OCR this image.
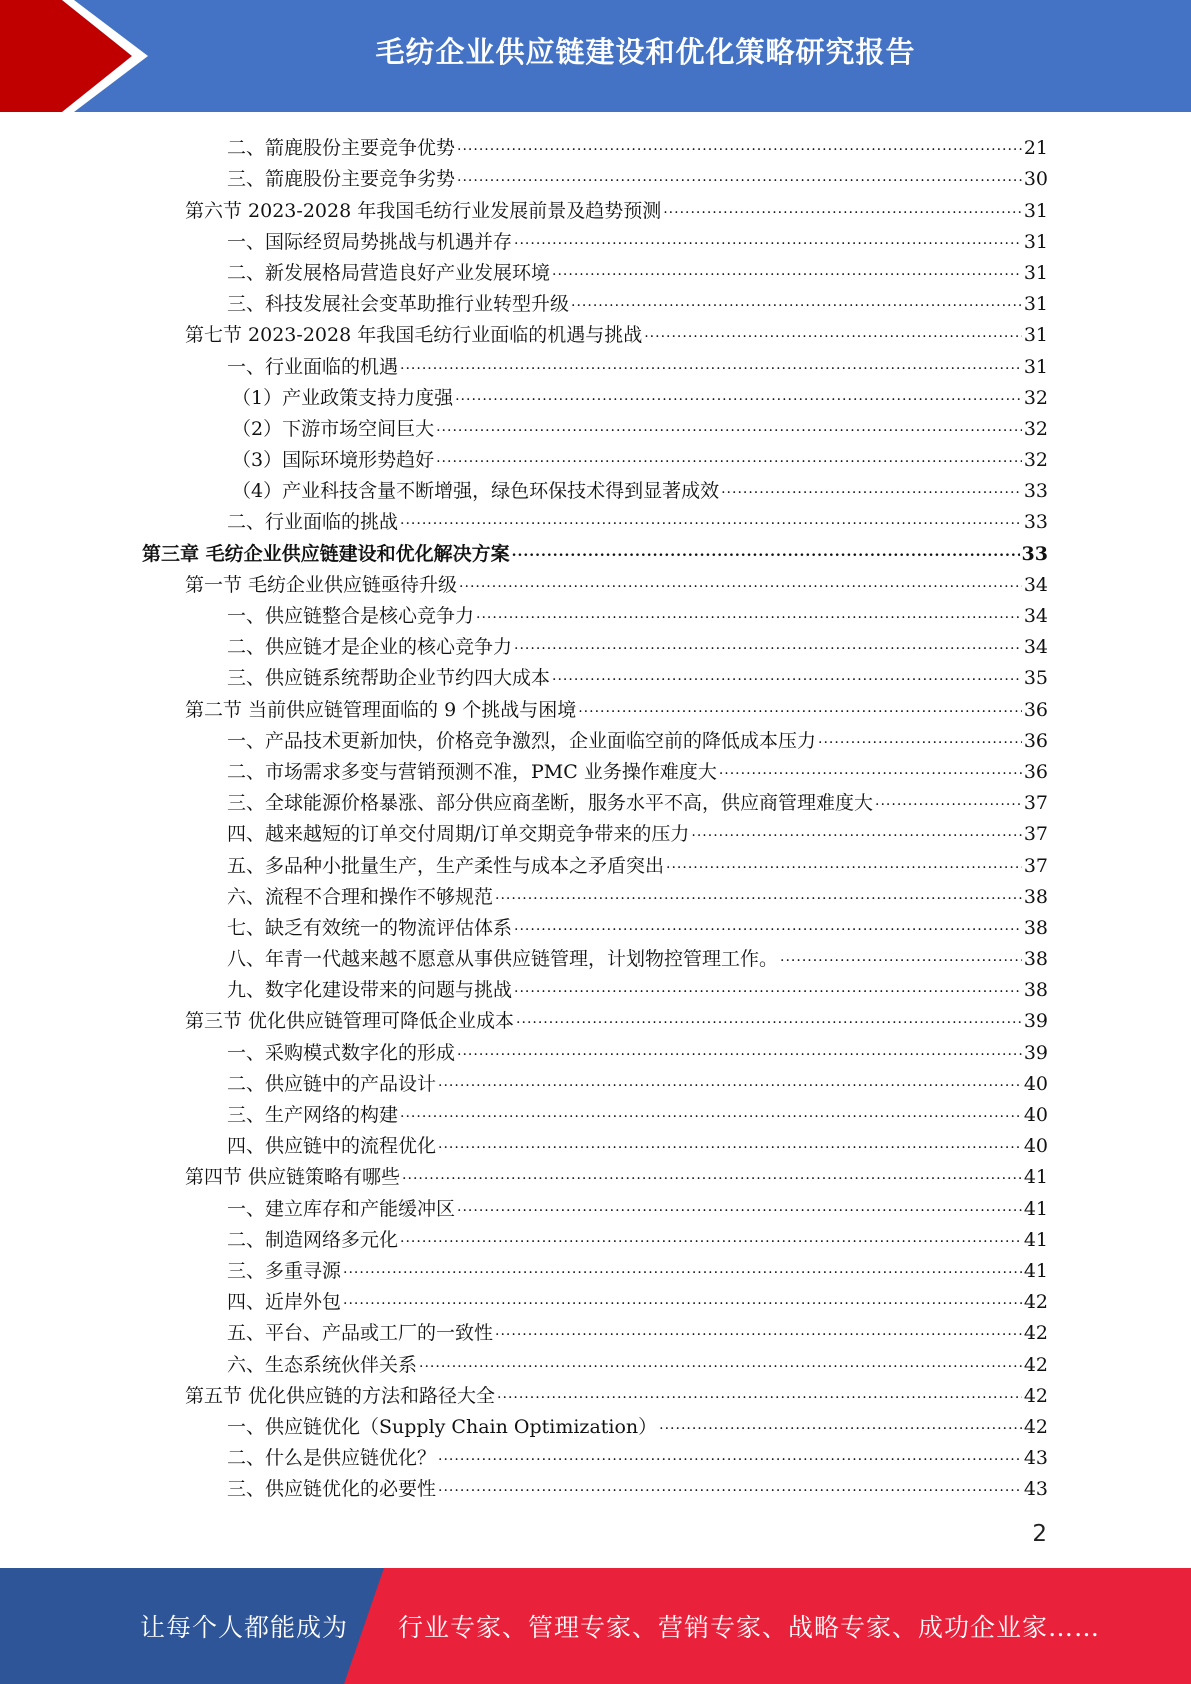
毛纺企业供应链建设和优化策略研究报告
二、箭鹿股份主要竞争优势 .....	21
三、箭鹿股份主要竞争劣势 .....	30
第六节 2023-2028 年我国毛纺行业发展前景及趋势预测 .....	31
一、国际经贸局势挑战与机遇并存 .....	31
二、新发展格局营造良好产业发展环境 .....	31
三、科技发展社会变革助推行业转型升级 .....	31
第七节 2023-2028 年我国毛纺行业面临的机遇与挑战 .....	31
一、行业面临的机遇 .....	31
（1）产业政策支持力度强 .....	32
（2）下游市场空间巨大 .....	32
（3）国际环境形势趋好 .....	32
（4）产业科技含量不断增强，绿色环保技术得到显著成效 .....	33
二、行业面临的挑战 .....	33
第三章 毛纺企业供应链建设和优化解决方案 .....	33
第一节 毛纺企业供应链亟待升级 .....	34
一、供应链整合是核心竞争力 .....	34
二、供应链才是企业的核心竞争力 .....	34
三、供应链系统帮助企业节约四大成本 .....	35
第二节 当前供应链管理面临的 9 个挑战与困境 .....	36
一、产品技术更新加快，价格竞争激烈，企业面临空前的降低成本压力 .....	36
二、市场需求多变与营销预测不准，PMC 业务操作难度大 .....	36
三、全球能源价格暴涨、部分供应商垄断，服务水平不高，供应商管理难度大 .....	37
四、越来越短的订单交付周期/订单交期竞争带来的压力 .....	37
五、多品种小批量生产，生产柔性与成本之矛盾突出 .....	37
六、流程不合理和操作不够规范 .....	38
七、缺乏有效统一的物流评估体系 .....	38
八、年青一代越来越不愿意从事供应链管理，计划物控管理工作。 .....	38
九、数字化建设带来的问题与挑战 .....	38
第三节 优化供应链管理可降低企业成本 .....	39
一、采购模式数字化的形成 .....	39
二、供应链中的产品设计 .....	40
三、生产网络的构建 .....	40
四、供应链中的流程优化 .....	40
第四节 供应链策略有哪些 .....	41
一、建立库存和产能缓冲区 .....	41
二、制造网络多元化 .....	41
三、多重寻源 .....	41
四、近岸外包 .....	42
五、平台、产品或工厂的一致性 .....	42
六、生态系统伙伴关系 .....	42
第五节 优化供应链的方法和路径大全 .....	42
一、供应链优化（Supply Chain Optimization） .....	42
二、什么是供应链优化？ .....	43
三、供应链优化的必要性 .....	43
2
让每个人都能成为 行业专家、管理专家、营销专家、战略专家、成功企业家……
